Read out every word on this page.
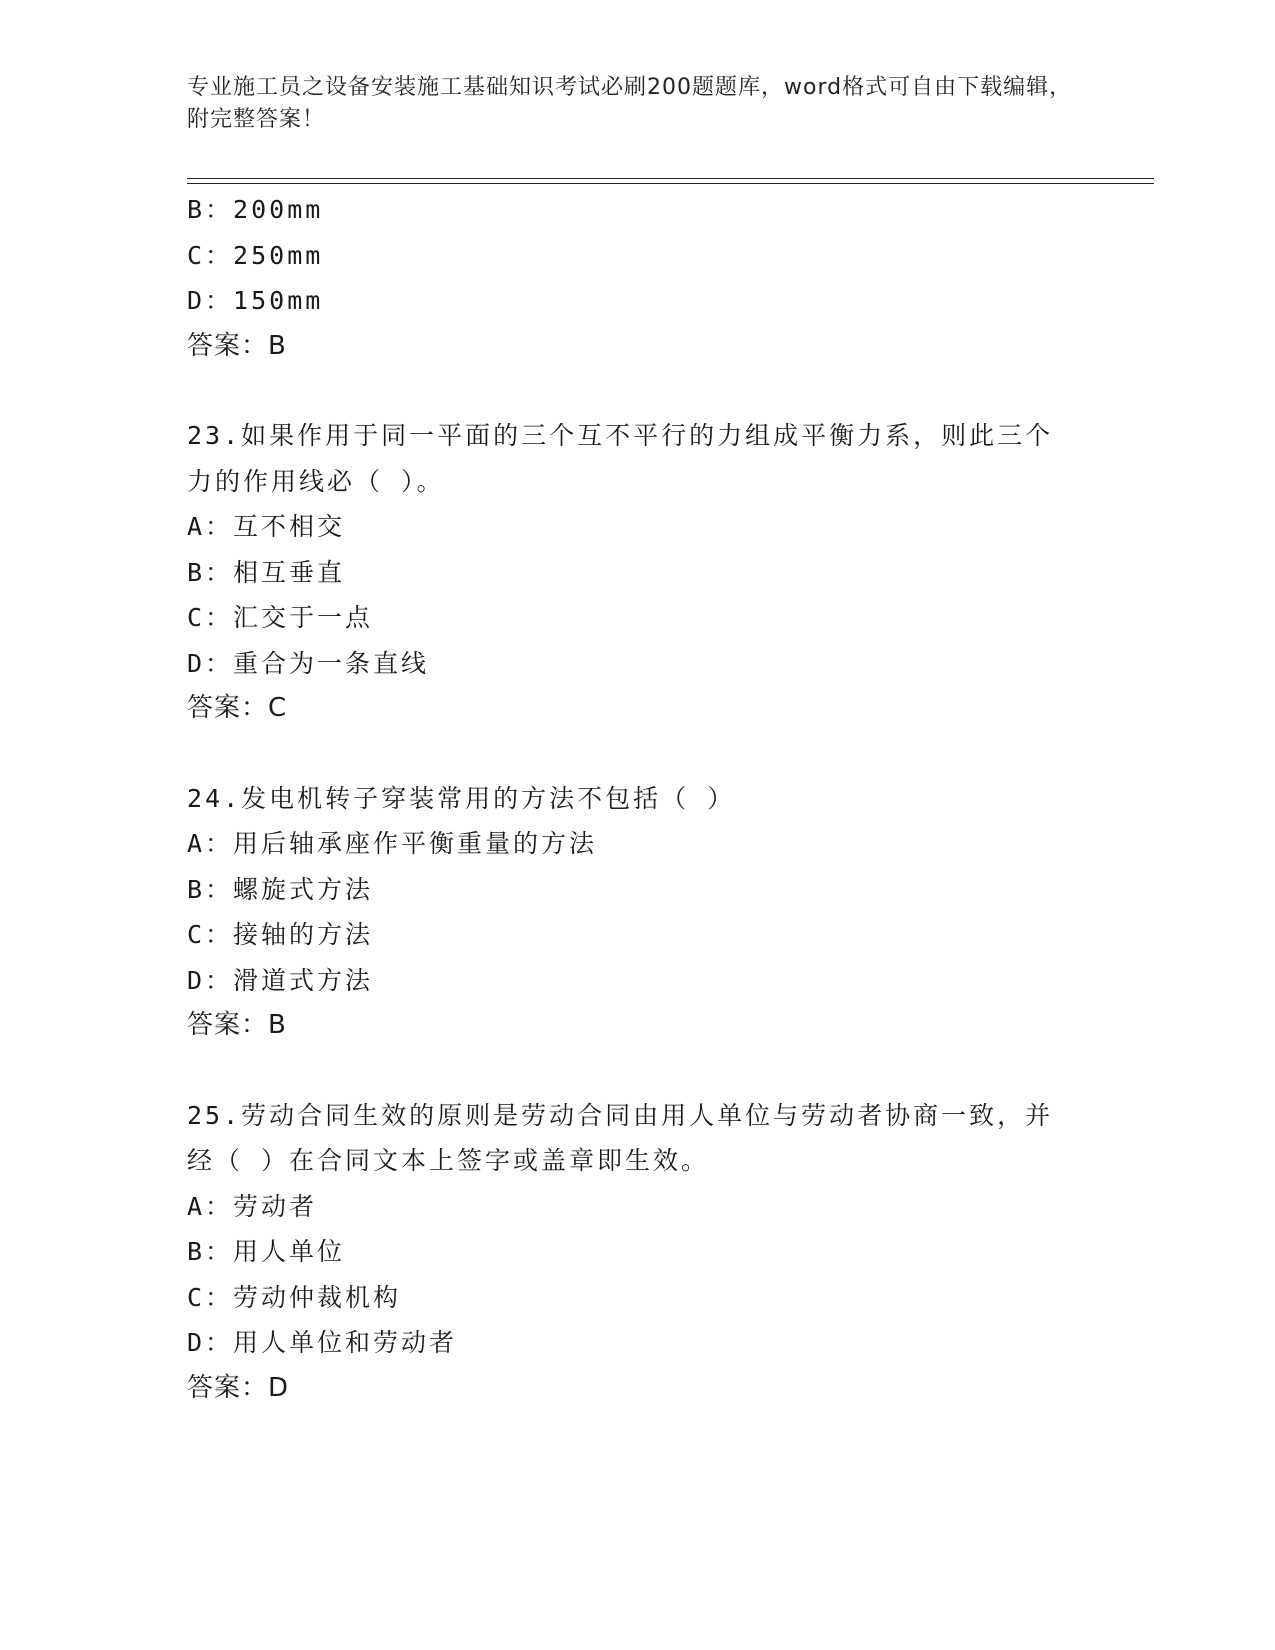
专业施工员之设备安装施工基础知识考试必刷200题题库，word格式可自由下载编辑，附完整答案！
B：200mm
C：250mm
D：150mm
答案：B
23.如果作用于同一平面的三个互不平行的力组成平衡力系，则此三个
力的作用线必（ ）。
A：互不相交
B：相互垂直
C：汇交于一点
D：重合为一条直线
答案：C
24.发电机转子穿装常用的方法不包括（ ）
A：用后轴承座作平衡重量的方法
B：螺旋式方法
C：接轴的方法
D：滑道式方法
答案：B
25.劳动合同生效的原则是劳动合同由用人单位与劳动者协商一致，并
经（ ）在合同文本上签字或盖章即生效。
A：劳动者
B：用人单位
C：劳动仲裁机构
D：用人单位和劳动者
答案：D
